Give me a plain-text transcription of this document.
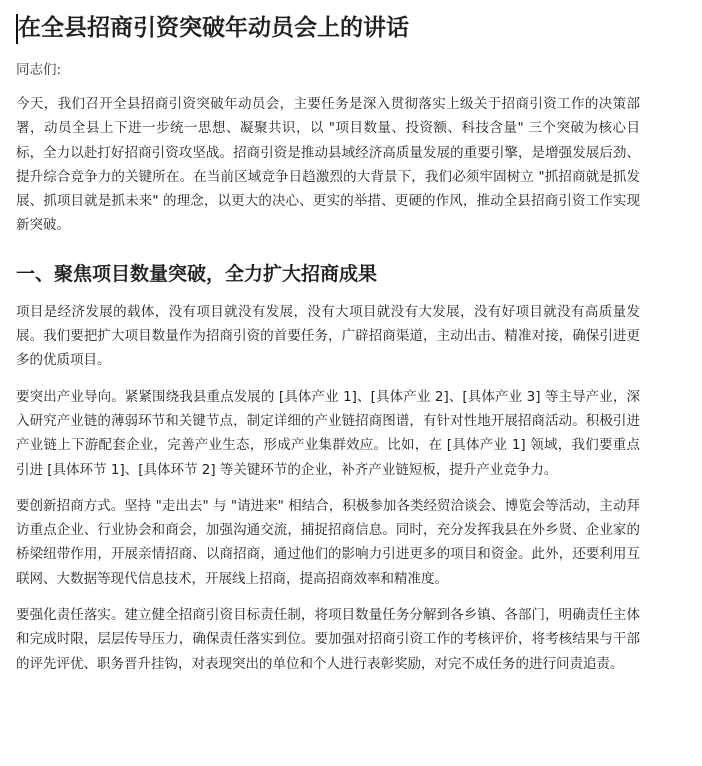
在全县招商引资突破年动员会上的讲话
同志们:

今天，我们召开全县招商引资突破年动员会，主要任务是深入贯彻落实上级关于招商引资工作的决策部署，动员全县上下进一步统一思想、凝聚共识，以 "项目数量、投资额、科技含量" 三个突破为核心目标，全力以赴打好招商引资攻坚战。招商引资是推动县域经济高质量发展的重要引擎，是增强发展后劲、提升综合竞争力的关键所在。在当前区域竞争日趋激烈的大背景下，我们必须牢固树立 "抓招商就是抓发展、抓项目就是抓未来" 的理念，以更大的决心、更实的举措、更硬的作风，推动全县招商引资工作实现新突破。

一、聚焦项目数量突破，全力扩大招商成果

项目是经济发展的载体，没有项目就没有发展，没有大项目就没有大发展，没有好项目就没有高质量发展。我们要把扩大项目数量作为招商引资的首要任务，广辟招商渠道，主动出击、精准对接，确保引进更多的优质项目。

要突出产业导向。紧紧围绕我县重点发展的 [具体产业 1]、[具体产业 2]、[具体产业 3] 等主导产业，深入研究产业链的薄弱环节和关键节点，制定详细的产业链招商图谱，有针对性地开展招商活动。积极引进产业链上下游配套企业，完善产业生态，形成产业集群效应。比如，在 [具体产业 1] 领域，我们要重点引进 [具体环节 1]、[具体环节 2] 等关键环节的企业，补齐产业链短板，提升产业竞争力。

要创新招商方式。坚持 "走出去" 与 "请进来" 相结合，积极参加各类经贸洽谈会、博览会等活动，主动拜访重点企业、行业协会和商会，加强沟通交流，捕捉招商信息。同时，充分发挥我县在外乡贤、企业家的桥梁纽带作用，开展亲情招商、以商招商，通过他们的影响力引进更多的项目和资金。此外，还要利用互联网、大数据等现代信息技术，开展线上招商，提高招商效率和精准度。

要强化责任落实。建立健全招商引资目标责任制，将项目数量任务分解到各乡镇、各部门，明确责任主体和完成时限，层层传导压力，确保责任落实到位。要加强对招商引资工作的考核评价，将考核结果与干部的评先评优、职务晋升挂钩，对表现突出的单位和个人进行表彰奖励，对完不成任务的进行问责追责。
